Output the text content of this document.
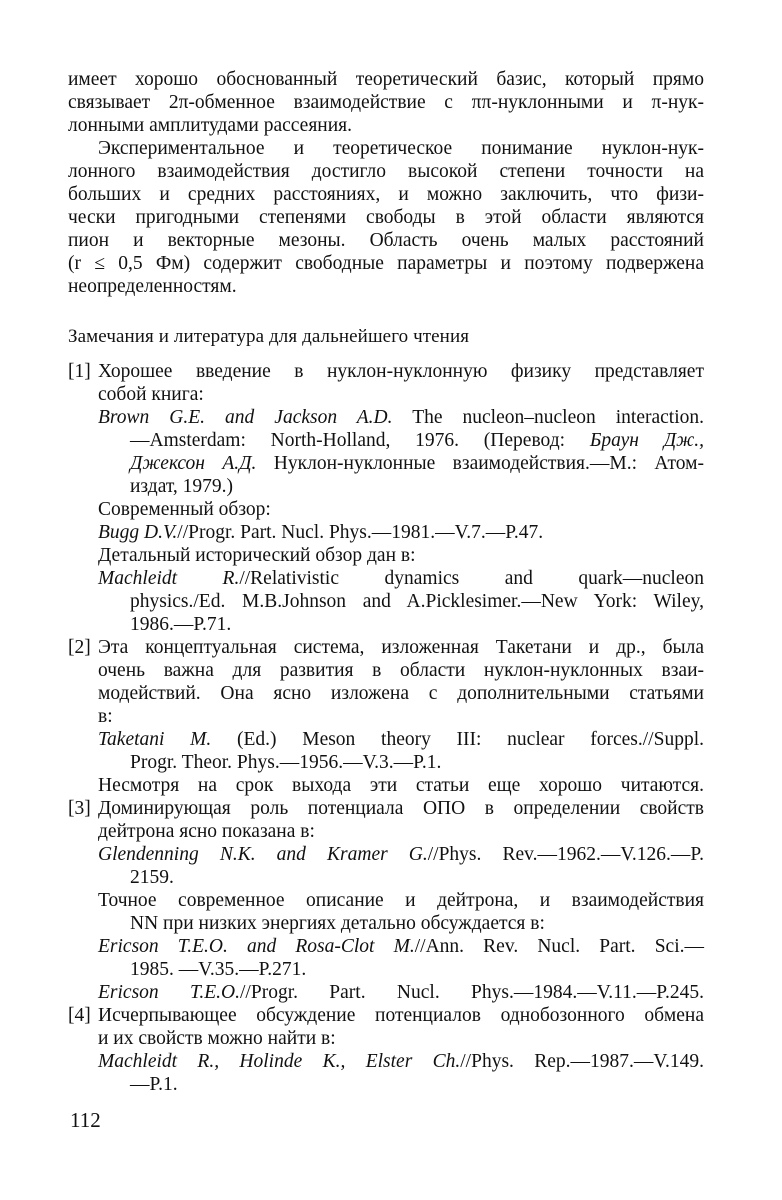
имеет хорошо обоснованный теоретический базис, который прямо
связывает 2π-обменное взаимодействие с ππ-нуклонными и π-нук-
лонными амплитудами рассеяния.
Экспериментальное и теоретическое понимание нуклон-нук-
лонного взаимодействия достигло высокой степени точности на
больших и средних расстояниях, и можно заключить, что физи-
чески пригодными степенями свободы в этой области являются
пион и векторные мезоны. Область очень малых расстояний
(r ≤ 0,5 Фм) содержит свободные параметры и поэтому подвержена
неопределенностям.
Замечания и литература для дальнейшего чтения
[1] Хорошее введение в нуклон-нуклонную физику представляет
собой книга:
Brown G.E. and Jackson A.D. The nucleon–nucleon interaction.
—Amsterdam: North-Holland, 1976. (Перевод: Браун Дж.,
Джексон А.Д. Нуклон-нуклонные взаимодействия.—М.: Атом-
издат, 1979.)
Современный обзор:
Bugg D.V.//Progr. Part. Nucl. Phys.—1981.—V.7.—P.47.
Детальный исторический обзор дан в:
Machleidt R.//Relativistic dynamics and quark—nucleon
physics./Ed. M.B.Johnson and A.Picklesimer.—New York: Wiley,
1986.—P.71.
[2] Эта концептуальная система, изложенная Такетани и др., была
очень важна для развития в области нуклон-нуклонных взаи-
модействий. Она ясно изложена с дополнительными статьями
в:
Taketani M. (Ed.) Meson theory III: nuclear forces.//Suppl.
Progr. Theor. Phys.—1956.—V.3.—P.1.
Несмотря на срок выхода эти статьи еще хорошо читаются.
[3] Доминирующая роль потенциала ОПО в определении свойств
дейтрона ясно показана в:
Glendenning N.K. and Kramer G.//Phys. Rev.—1962.—V.126.—P.
2159.
Точное современное описание и дейтрона, и взаимодействия
NN при низких энергиях детально обсуждается в:
Ericson T.E.O. and Rosa-Clot M.//Ann. Rev. Nucl. Part. Sci.—
1985. —V.35.—P.271.
Ericson T.E.O.//Progr. Part. Nucl. Phys.—1984.—V.11.—P.245.
[4] Исчерпывающее обсуждение потенциалов однобозонного обмена
и их свойств можно найти в:
Machleidt R., Holinde K., Elster Ch.//Phys. Rep.—1987.—V.149.
—P.1.
112
